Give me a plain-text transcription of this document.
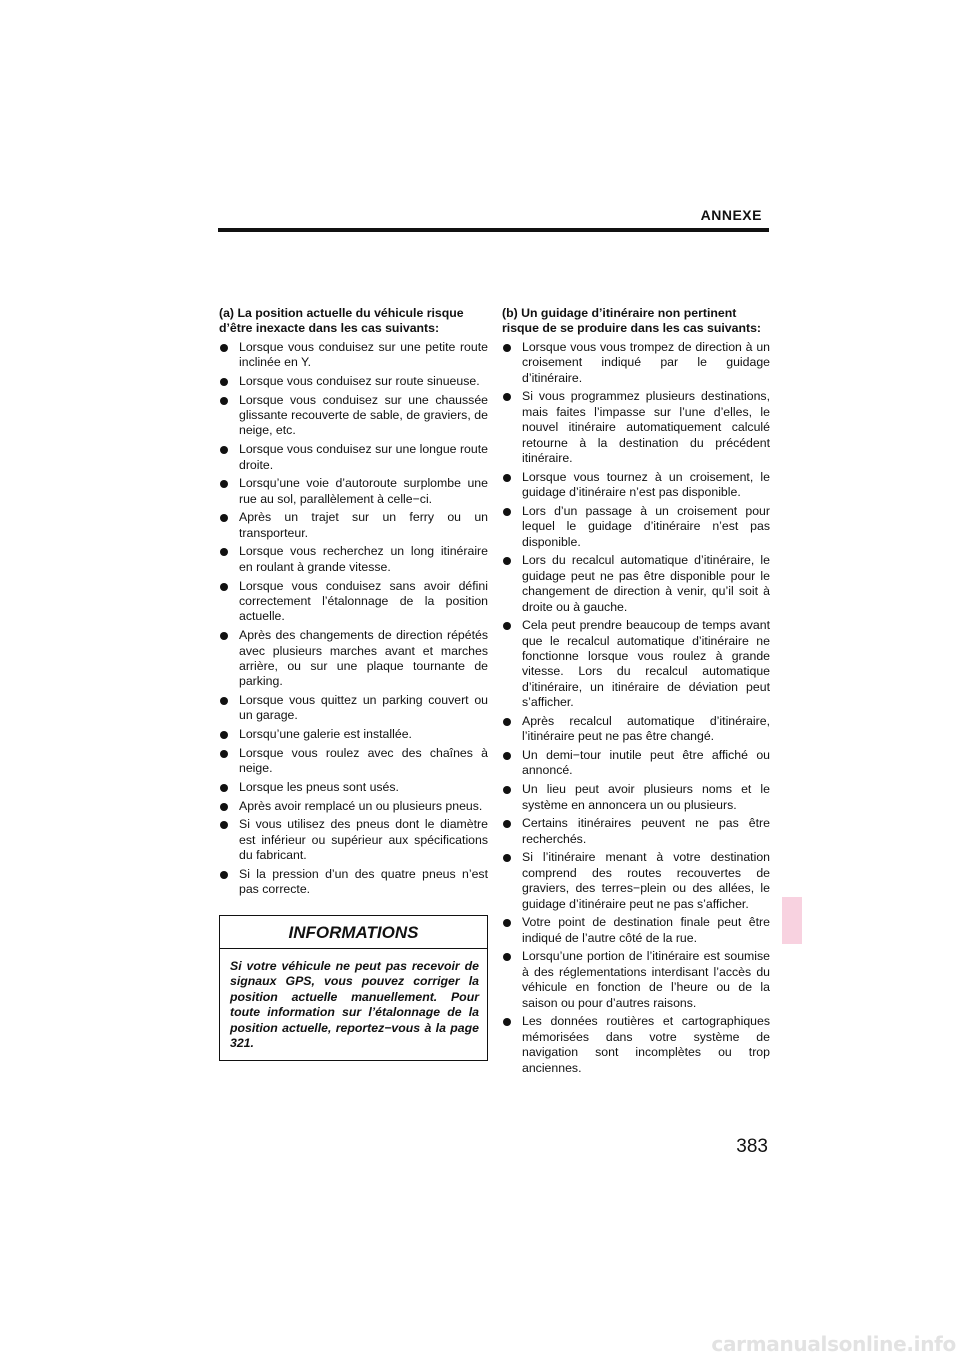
ANNEXE
(a) La position actuelle du véhicule risque d’être inexacte dans les cas suivants:
Lorsque vous conduisez sur une petite route inclinée en Y.
Lorsque vous conduisez sur route sinueuse.
Lorsque vous conduisez sur une chaussée glissante recouverte de sable, de graviers, de neige, etc.
Lorsque vous conduisez sur une longue route droite.
Lorsqu’une voie d’autoroute surplombe une rue au sol, parallèlement à celle−ci.
Après un trajet sur un ferry ou un transporteur.
Lorsque vous recherchez un long itinéraire en roulant à grande vitesse.
Lorsque vous conduisez sans avoir défini correctement l’étalonnage de la position actuelle.
Après des changements de direction répétés avec plusieurs marches avant et marches arrière, ou sur une plaque tournante de parking.
Lorsque vous quittez un parking couvert ou un garage.
Lorsqu’une galerie est installée.
Lorsque vous roulez avec des chaînes à neige.
Lorsque les pneus sont usés.
Après avoir remplacé un ou plusieurs pneus.
Si vous utilisez des pneus dont le diamètre est inférieur ou supérieur aux spécifications du fabricant.
Si la pression d’un des quatre pneus n’est pas correcte.
INFORMATIONS
Si votre véhicule ne peut pas recevoir de signaux GPS, vous pouvez corriger la position actuelle manuellement. Pour toute information sur l’étalonnage de la position actuelle, reportez−vous à la page 321.
(b) Un guidage d’itinéraire non pertinent risque de se produire dans les cas suivants:
Lorsque vous vous trompez de direction à un croisement indiqué par le guidage d’itinéraire.
Si vous programmez plusieurs destinations, mais faites l’impasse sur l’une d’elles, le nouvel itinéraire automatiquement calculé retourne à la destination du précédent itinéraire.
Lorsque vous tournez à un croisement, le guidage d’itinéraire n’est pas disponible.
Lors d’un passage à un croisement pour lequel le guidage d’itinéraire n’est pas disponible.
Lors du recalcul automatique d’itinéraire, le guidage peut ne pas être disponible pour le changement de direction à venir, qu’il soit à droite ou à gauche.
Cela peut prendre beaucoup de temps avant que le recalcul automatique d’itinéraire ne fonctionne lorsque vous roulez à grande vitesse. Lors du recalcul automatique d’itinéraire, un itinéraire de déviation peut s’afficher.
Après recalcul automatique d’itinéraire, l’itinéraire peut ne pas être changé.
Un demi−tour inutile peut être affiché ou annoncé.
Un lieu peut avoir plusieurs noms et le système en annoncera un ou plusieurs.
Certains itinéraires peuvent ne pas être recherchés.
Si l’itinéraire menant à votre destination comprend des routes recouvertes de graviers, des terres−plein ou des allées, le guidage d’itinéraire peut ne pas s’afficher.
Votre point de destination finale peut être indiqué de l’autre côté de la rue.
Lorsqu’une portion de l’itinéraire est soumise à des réglementations interdisant l’accès du véhicule en fonction de l’heure ou de la saison ou pour d’autres raisons.
Les données routières et cartographiques mémorisées dans votre système de navigation sont incomplètes ou trop anciennes.
383
carmanualsonline.info
